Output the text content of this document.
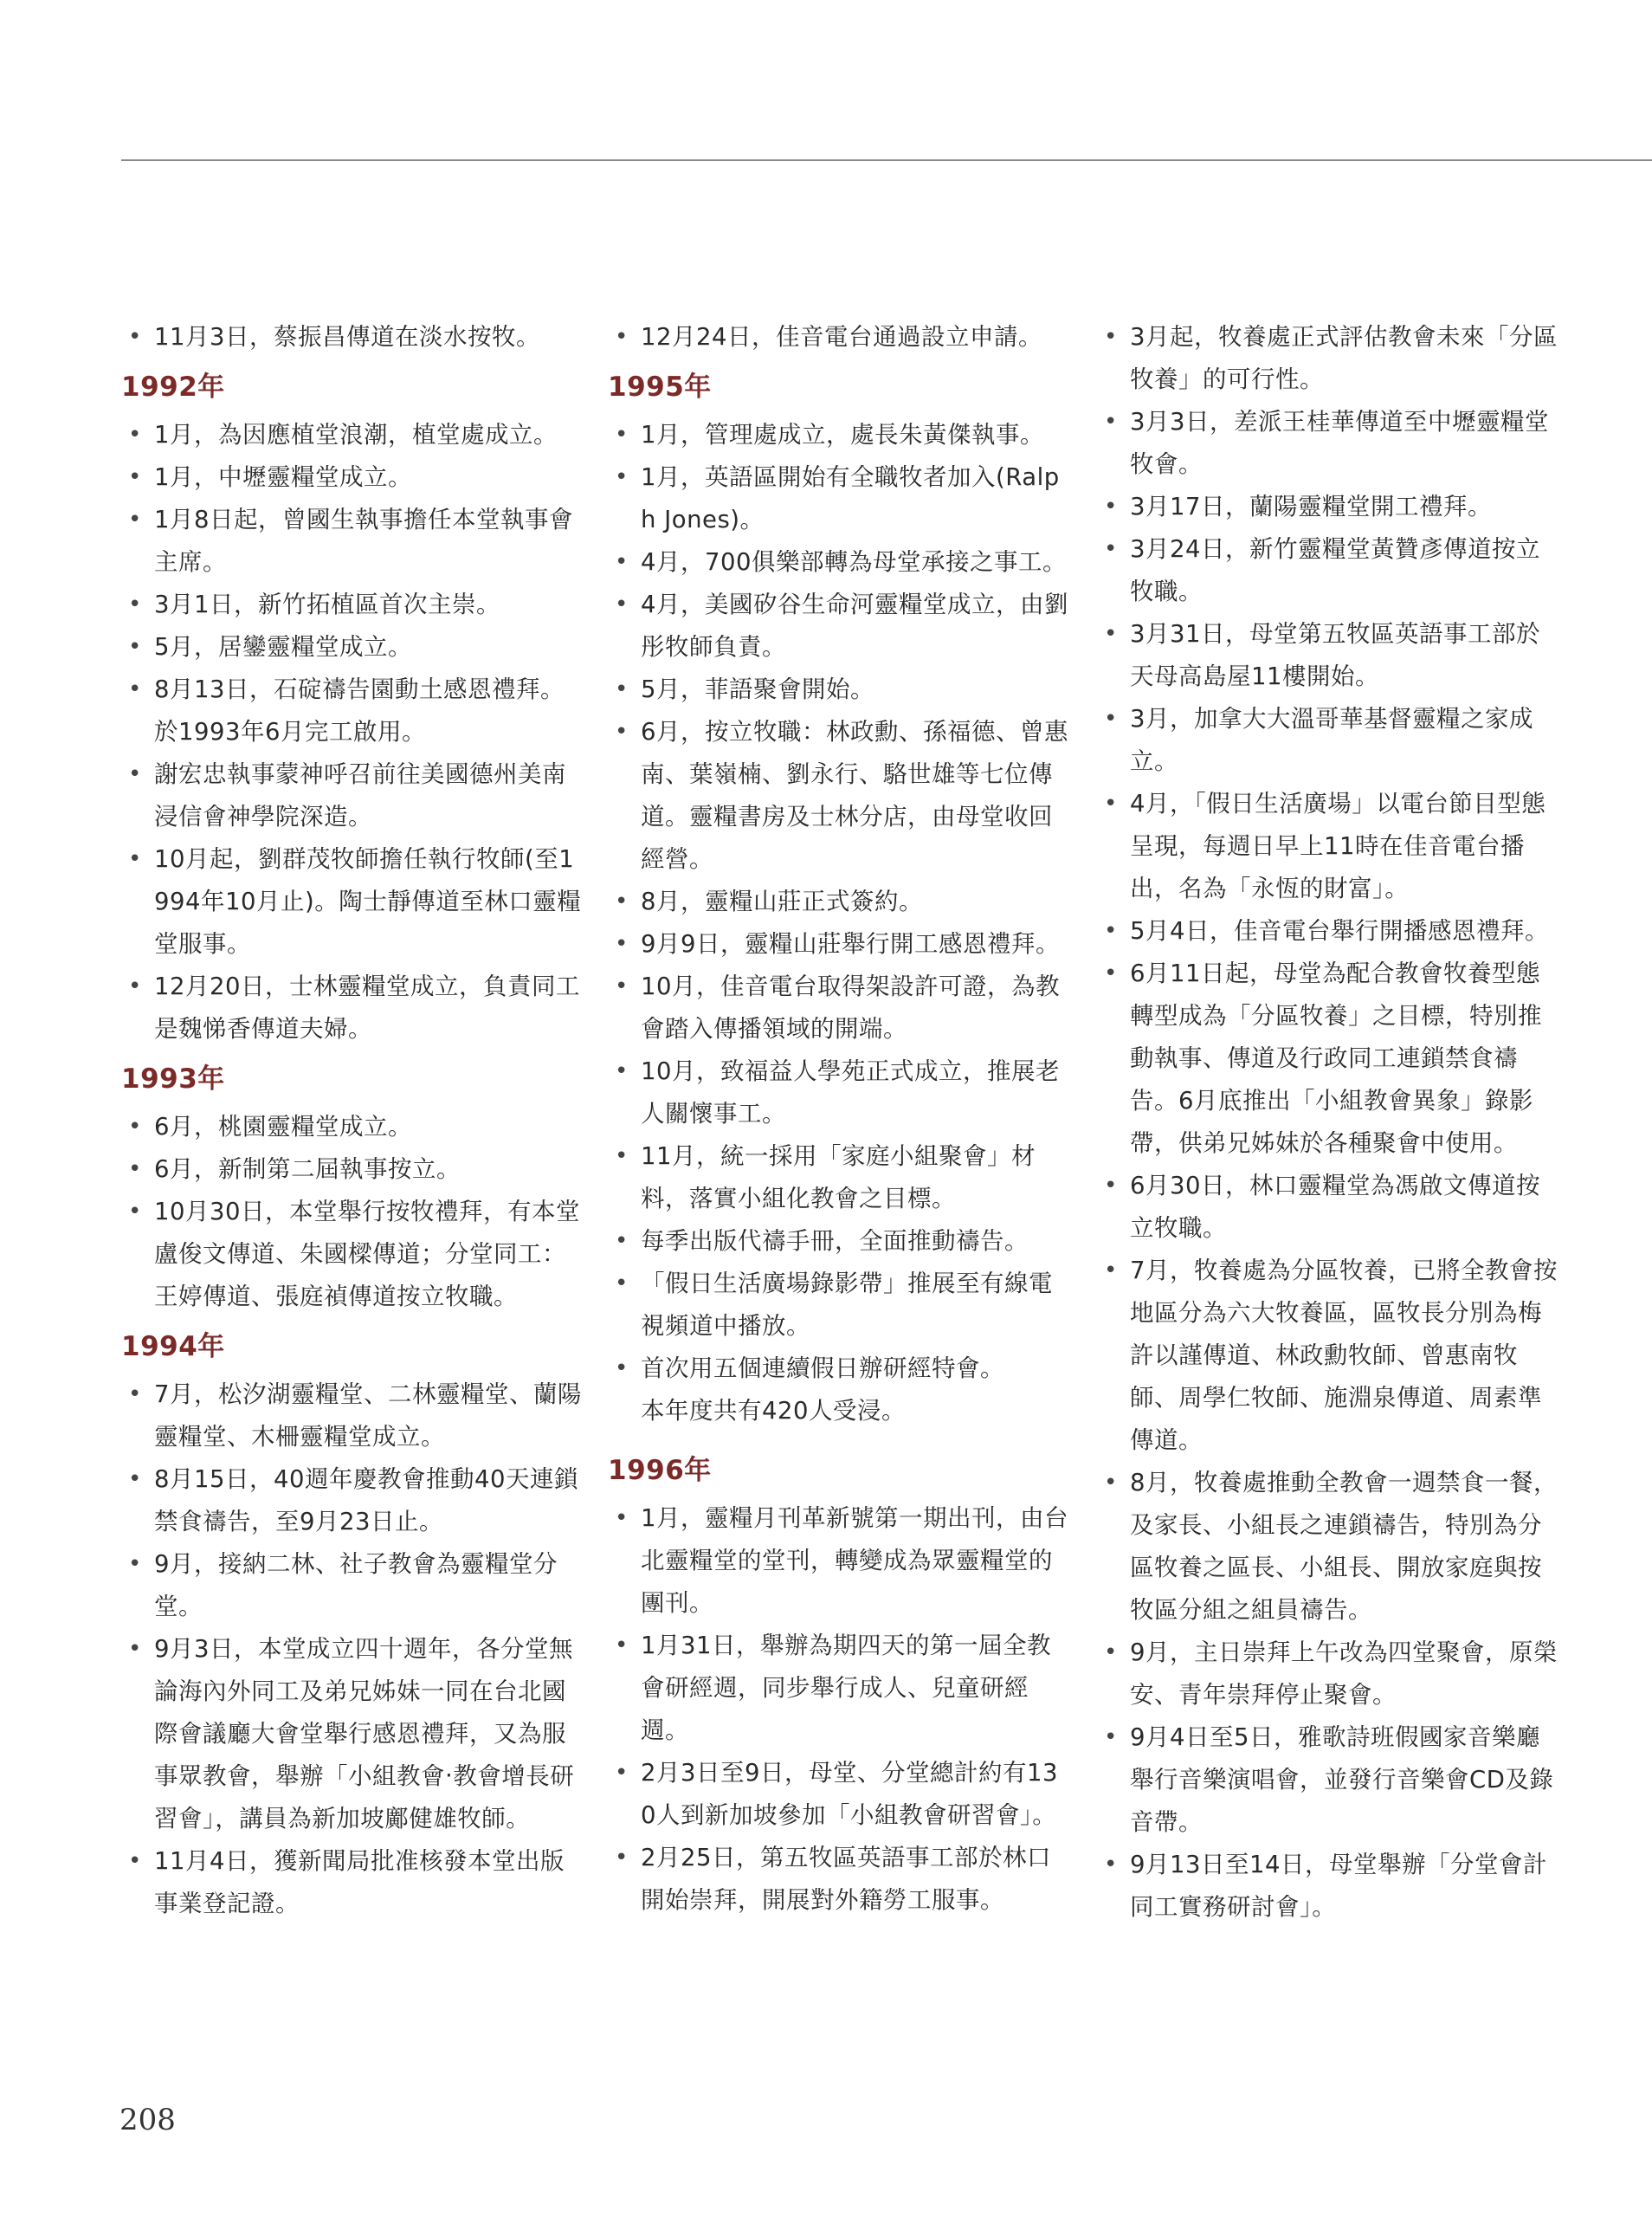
• 11月3日，蔡振昌傳道在淡水按牧。
1992年
• 1月，為因應植堂浪潮，植堂處成立。
• 1月，中壢靈糧堂成立。
• 1月8日起，曾國生執事擔任本堂執事會主席。
• 3月1日，新竹拓植區首次主崇。
• 5月，居鑾靈糧堂成立。
• 8月13日，石碇禱告園動土感恩禮拜。於1993年6月完工啟用。
• 謝宏忠執事蒙神呼召前往美國德州美南浸信會神學院深造。
• 10月起，劉群茂牧師擔任執行牧師(至1994年10月止)。陶士靜傳道至林口靈糧堂服事。
• 12月20日，士林靈糧堂成立，負責同工是魏悌香傳道夫婦。
1993年
• 6月，桃園靈糧堂成立。
• 6月，新制第二屆執事按立。
• 10月30日，本堂舉行按牧禮拜，有本堂盧俊文傳道、朱國樑傳道；分堂同工：王婷傳道、張庭禎傳道按立牧職。
1994年
• 7月，松汐湖靈糧堂、二林靈糧堂、蘭陽靈糧堂、木柵靈糧堂成立。
• 8月15日，40週年慶教會推動40天連鎖禁食禱告，至9月23日止。
• 9月，接納二林、社子教會為靈糧堂分堂。
• 9月3日，本堂成立四十週年，各分堂無論海內外同工及弟兄姊妹一同在台北國際會議廳大會堂舉行感恩禮拜，又為服事眾教會，舉辦「小組教會‧教會增長研習會」，講員為新加坡鄺健雄牧師。
• 11月4日，獲新聞局批准核發本堂出版事業登記證。
• 12月24日，佳音電台通過設立申請。
1995年
• 1月，管理處成立，處長朱黃傑執事。
• 1月，英語區開始有全職牧者加入(Ralph Jones)。
• 4月，700俱樂部轉為母堂承接之事工。
• 4月，美國矽谷生命河靈糧堂成立，由劉彤牧師負責。
• 5月，菲語聚會開始。
• 6月，按立牧職：林政勳、孫福德、曾惠南、葉嶺楠、劉永行、駱世雄等七位傳道。靈糧書房及士林分店，由母堂收回經營。
• 8月，靈糧山莊正式簽約。
• 9月9日，靈糧山莊舉行開工感恩禮拜。
• 10月，佳音電台取得架設許可證，為教會踏入傳播領域的開端。
• 10月，致福益人學苑正式成立，推展老人關懷事工。
• 11月，統一採用「家庭小組聚會」材料，落實小組化教會之目標。
• 每季出版代禱手冊，全面推動禱告。
• 「假日生活廣場錄影帶」推展至有線電視頻道中播放。
• 首次用五個連續假日辦研經特會。
本年度共有420人受浸。
1996年
• 1月，靈糧月刊革新號第一期出刊，由台北靈糧堂的堂刊，轉變成為眾靈糧堂的團刊。
• 1月31日，舉辦為期四天的第一屆全教會研經週，同步舉行成人、兒童研經週。
• 2月3日至9日，母堂、分堂總計約有130人到新加坡參加「小組教會研習會」。
• 2月25日，第五牧區英語事工部於林口開始崇拜，開展對外籍勞工服事。
• 3月起，牧養處正式評估教會未來「分區牧養」的可行性。
• 3月3日，差派王桂華傳道至中壢靈糧堂牧會。
• 3月17日，蘭陽靈糧堂開工禮拜。
• 3月24日，新竹靈糧堂黃贊彥傳道按立牧職。
• 3月31日，母堂第五牧區英語事工部於天母高島屋11樓開始。
• 3月，加拿大大溫哥華基督靈糧之家成立。
• 4月，「假日生活廣場」以電台節目型態呈現，每週日早上11時在佳音電台播出，名為「永恆的財富」。
• 5月4日，佳音電台舉行開播感恩禮拜。
• 6月11日起，母堂為配合教會牧養型態轉型成為「分區牧養」之目標，特別推動執事、傳道及行政同工連鎖禁食禱告。6月底推出「小組教會異象」錄影帶，供弟兄姊妹於各種聚會中使用。
• 6月30日，林口靈糧堂為馮啟文傳道按立牧職。
• 7月，牧養處為分區牧養，已將全教會按地區分為六大牧養區，區牧長分別為梅許以謹傳道、林政勳牧師、曾惠南牧師、周學仁牧師、施淵泉傳道、周素準傳道。
• 8月，牧養處推動全教會一週禁食一餐，及家長、小組長之連鎖禱告，特別為分區牧養之區長、小組長、開放家庭與按牧區分組之組員禱告。
• 9月，主日崇拜上午改為四堂聚會，原榮安、青年崇拜停止聚會。
• 9月4日至5日，雅歌詩班假國家音樂廳舉行音樂演唱會，並發行音樂會CD及錄音帶。
• 9月13日至14日，母堂舉辦「分堂會計同工實務研討會」。
208
